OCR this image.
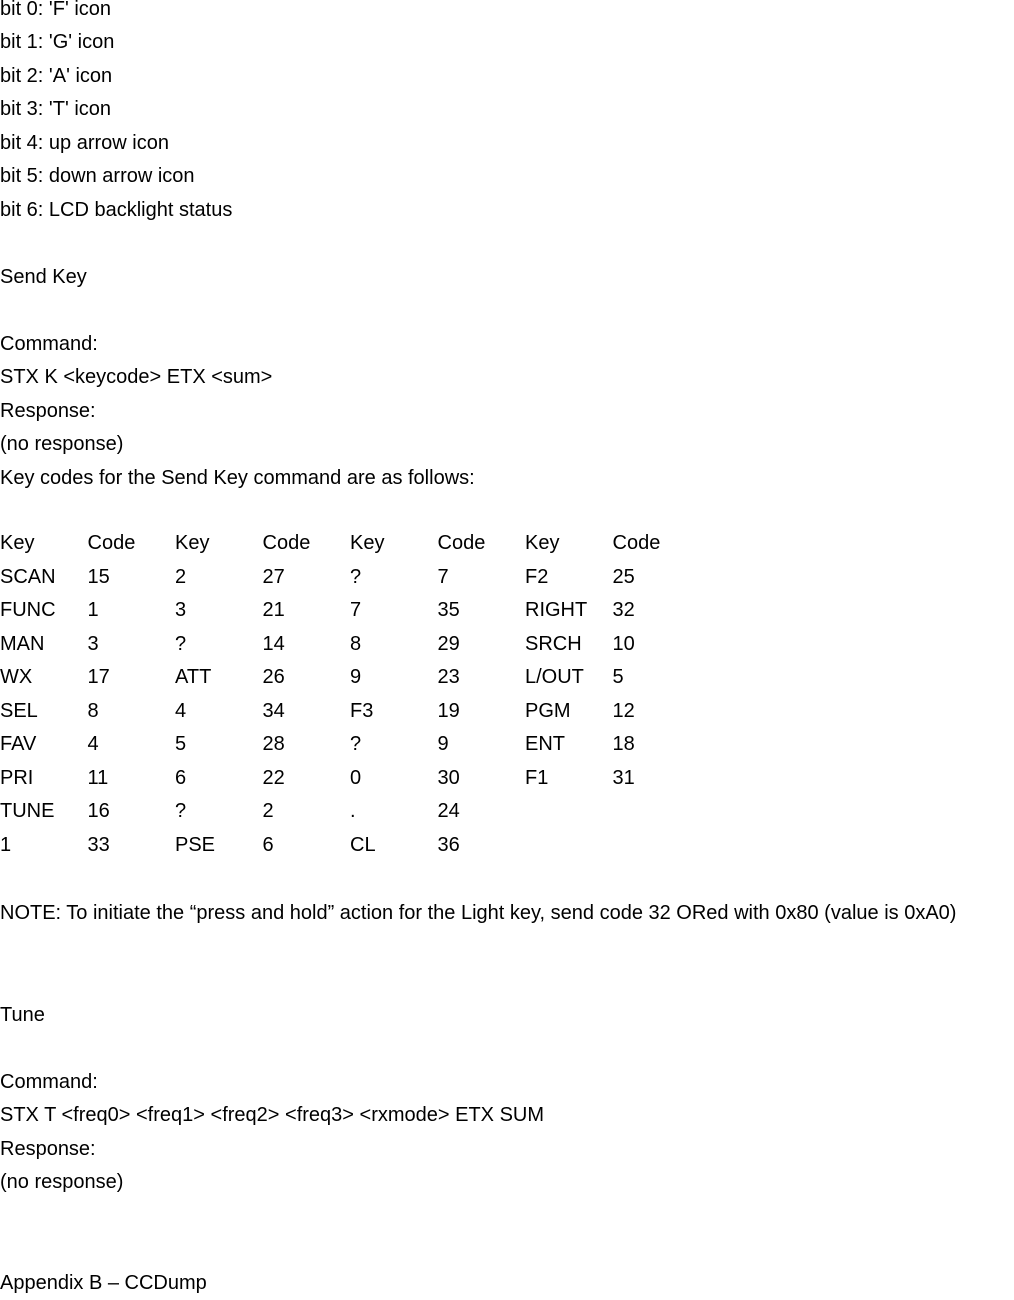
bit 0: 'F' icon

bit 1: 'G' icon

bit 2: 'A' icon

bit 3: 'T' icon

bit 4: up arrow icon

bit 5: down arrow icon

bit 6: LCD backlight status

Send Key

Command:

STX K <keycode> ETX <sum>

Response:

(no response)

Key codes for the Send Key command are as follows:

Key	Code	Key	Code	Key	Code	Key	Code
SCAN	15	2	27	?	7	F2	25
FUNC	1	3	21	7	35	RIGHT	32
MAN	3	?	14	8	29	SRCH	10
WX	17	ATT	26	9	23	L/OUT	5
SEL	8	4	34	F3	19	PGM	12
FAV	4	5	28	?	9	ENT	18
PRI	11	6	22	0	30	F1	31
TUNE	16	?	2	.	24		
1	33	PSE	6	CL	36		

NOTE: To initiate the “press and hold” action for the Light key, send code 32 ORed with 0x80 (value is 0xA0)

Tune

Command:

STX T <freq0> <freq1> <freq2> <freq3> <rxmode> ETX SUM

Response:

(no response)

Appendix B – CCDump
